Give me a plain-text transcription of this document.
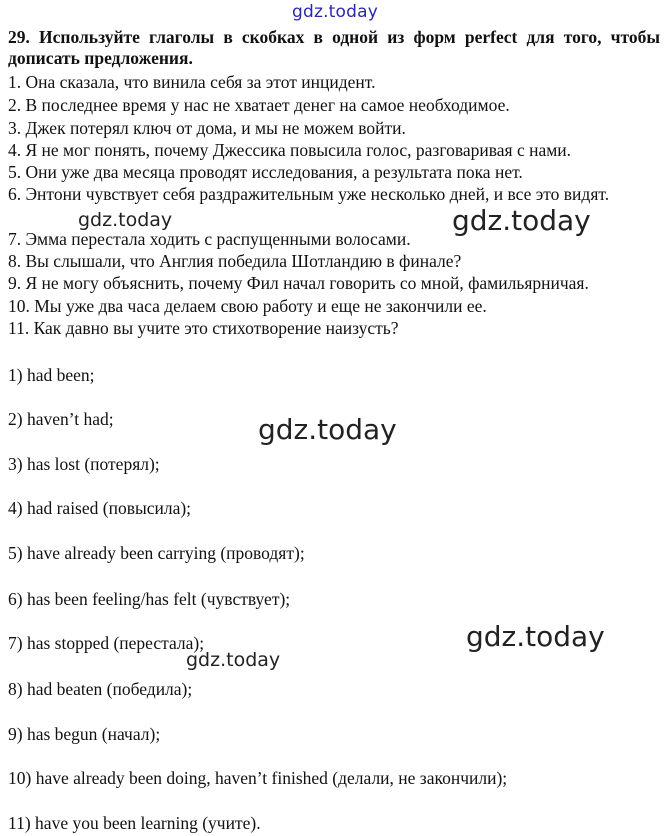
gdz.today

29. Используйте глаголы в скобках в одной из форм perfect для того, чтобы дописать предложения.

1. Она сказала, что винила себя за этот инцидент.

2. В последнее время у нас не хватает денег на самое необходимое.

3. Джек потерял ключ от дома, и мы не можем войти.

4. Я не мог понять, почему Джессика повысила голос, разговаривая с нами.

5. Они уже два месяца проводят исследования, а результата пока нет.

6. Энтони чувствует себя раздражительным уже несколько дней, и все это видят.

7. Эмма перестала ходить с распущенными волосами.

8. Вы слышали, что Англия победила Шотландию в финале?

9. Я не могу объяснить, почему Фил начал говорить со мной, фамильярничая.

10. Мы уже два часа делаем свою работу и еще не закончили ее.

11. Как давно вы учите это стихотворение наизусть?

1) had been;

2) haven’t had;

3) has lost (потерял);

4) had raised (повысила);

5) have already been carrying (проводят);

6) has been feeling/has felt (чувствует);

7) has stopped (перестала);

8) had beaten (победила);

9) has begun (начал);

10) have already been doing, haven’t finished (делали, не закончили);

11) have you been learning (учите).

gdz.today	gdz.today
gdz.today
gdz.today
gdz.today
